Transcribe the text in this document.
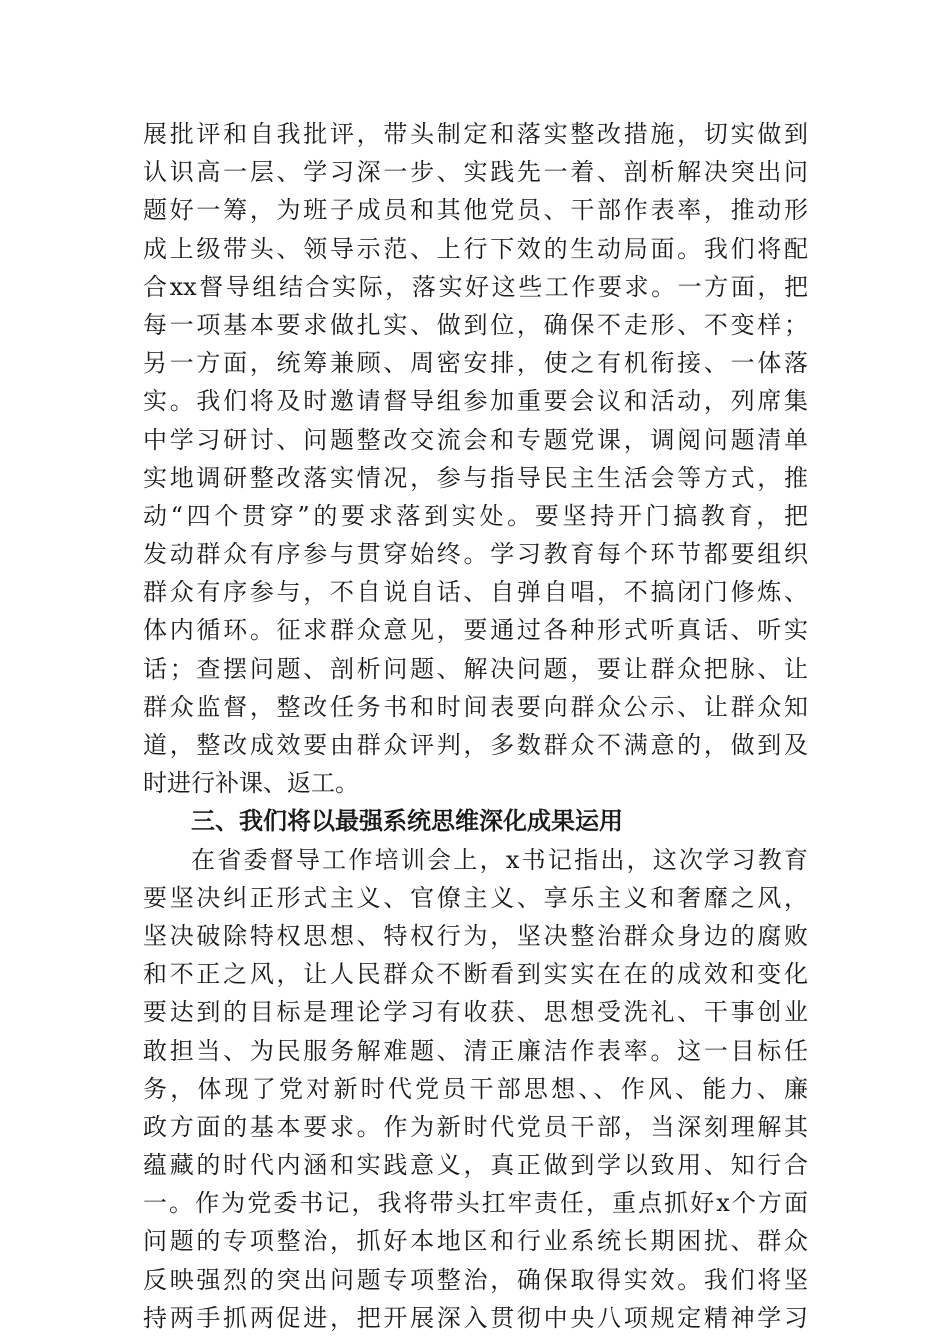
展批评和自我批评，带头制定和落实整改措施，切实做到
认识高一层、学习深一步、实践先一着、剖析解决突出问
题好一筹，为班子成员和其他党员、干部作表率，推动形
成上级带头、领导示范、上行下效的生动局面。我们将配
合xx督导组结合实际，落实好这些工作要求。一方面，把
每一项基本要求做扎实、做到位，确保不走形、不变样；
另一方面，统筹兼顾、周密安排，使之有机衔接、一体落
实。我们将及时邀请督导组参加重要会议和活动，列席集
中学习研讨、问题整改交流会和专题党课，调阅问题清单
实地调研整改落实情况，参与指导民主生活会等方式，推
动“四个贯穿”的要求落到实处。要坚持开门搞教育，把
发动群众有序参与贯穿始终。学习教育每个环节都要组织
群众有序参与，不自说自话、自弹自唱，不搞闭门修炼、
体内循环。征求群众意见，要通过各种形式听真话、听实
话；查摆问题、剖析问题、解决问题，要让群众把脉、让
群众监督，整改任务书和时间表要向群众公示、让群众知
道，整改成效要由群众评判，多数群众不满意的，做到及
时进行补课、返工。
三、我们将以最强系统思维深化成果运用
在省委督导工作培训会上，x书记指出，这次学习教育
要坚决纠正形式主义、官僚主义、享乐主义和奢靡之风，
坚决破除特权思想、特权行为，坚决整治群众身边的腐败
和不正之风，让人民群众不断看到实实在在的成效和变化
要达到的目标是理论学习有收获、思想受洗礼、干事创业
敢担当、为民服务解难题、清正廉洁作表率。这一目标任
务，体现了党对新时代党员干部思想、、作风、能力、廉
政方面的基本要求。作为新时代党员干部，当深刻理解其
蕴藏的时代内涵和实践意义，真正做到学以致用、知行合
一。作为党委书记，我将带头扛牢责任，重点抓好x个方面
问题的专项整治，抓好本地区和行业系统长期困扰、群众
反映强烈的突出问题专项整治，确保取得实效。我们将坚
持两手抓两促进，把开展深入贯彻中央八项规定精神学习
